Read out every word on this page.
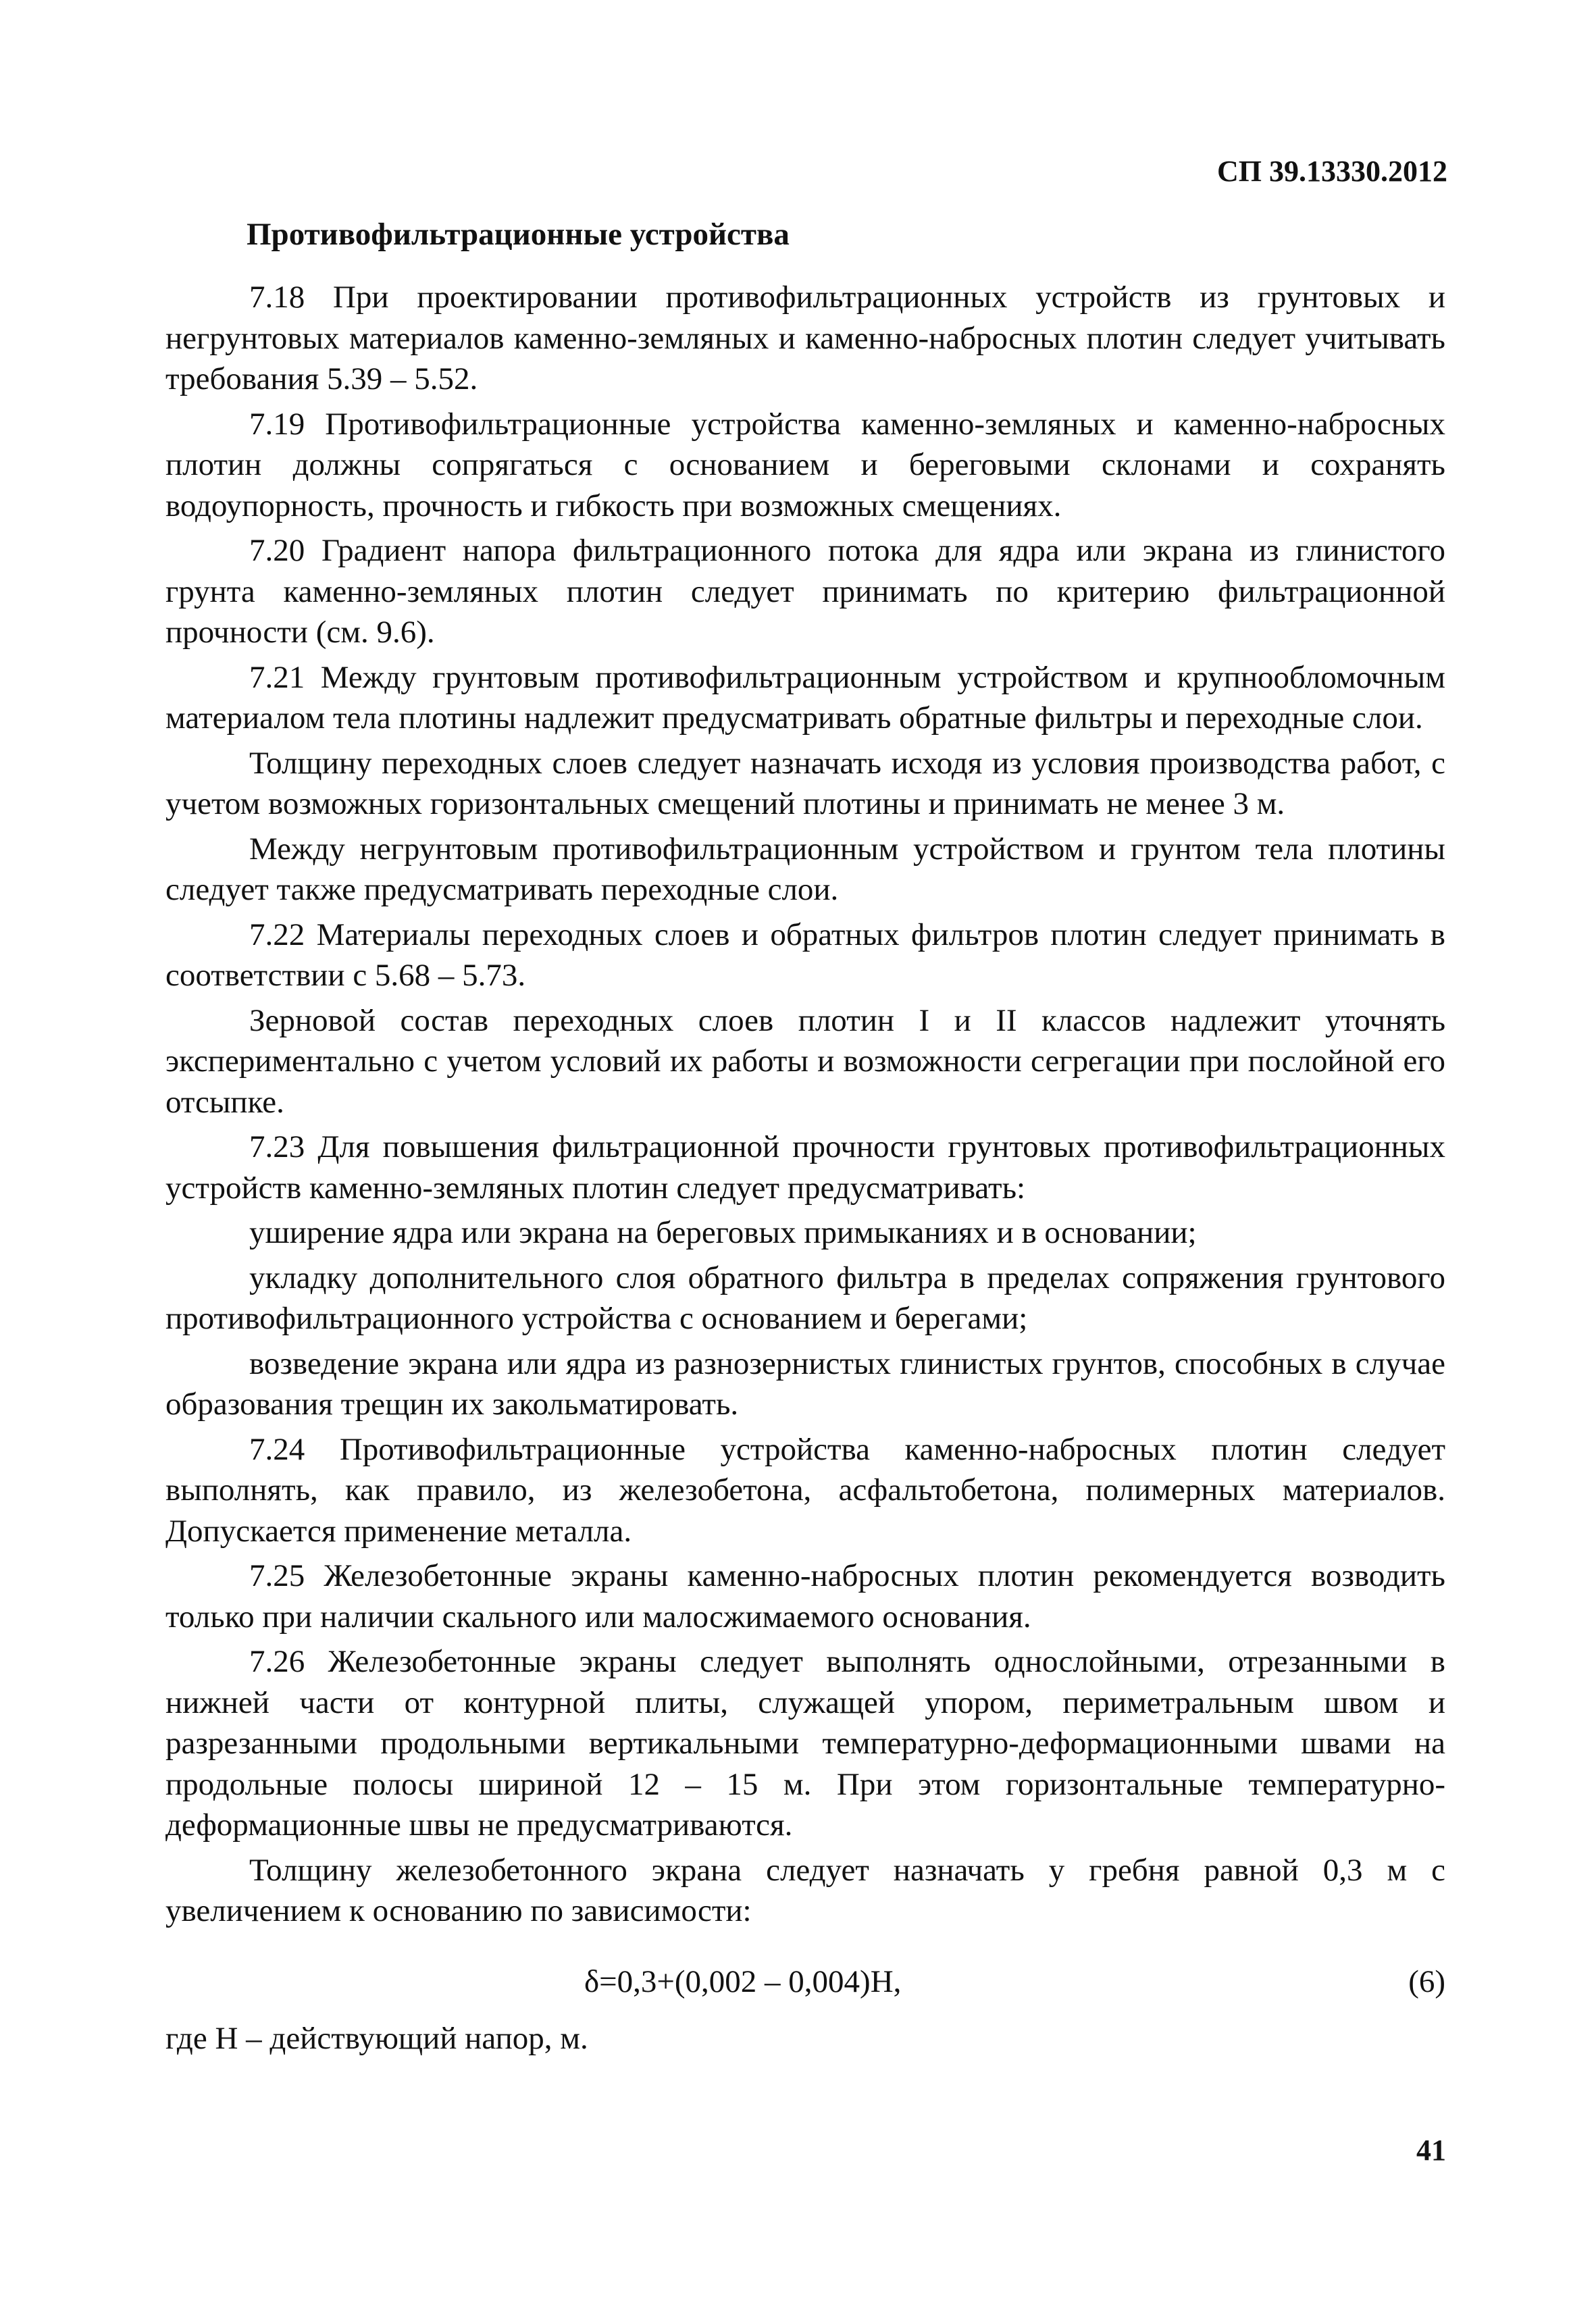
СП 39.13330.2012
Противофильтрационные устройства

7.18 При проектировании противофильтрационных устройств из грунтовых и негрунтовых материалов каменно-земляных и каменно-набросных плотин следует учитывать требования 5.39 – 5.52.

7.19 Противофильтрационные устройства каменно-земляных и каменно-набросных плотин должны сопрягаться с основанием и береговыми склонами и сохранять водоупорность, прочность и гибкость при возможных смещениях.

7.20 Градиент напора фильтрационного потока для ядра или экрана из глинистого грунта каменно-земляных плотин следует принимать по критерию фильтрационной прочности (см. 9.6).

7.21 Между грунтовым противофильтрационным устройством и крупнообломочным материалом тела плотины надлежит предусматривать обратные фильтры и переходные слои.

Толщину переходных слоев следует назначать исходя из условия производства работ, с учетом возможных горизонтальных смещений плотины и принимать не менее 3 м.

Между негрунтовым противофильтрационным устройством и грунтом тела плотины следует также предусматривать переходные слои.

7.22 Материалы переходных слоев и обратных фильтров плотин следует принимать в соответствии с 5.68 – 5.73.

Зерновой состав переходных слоев плотин I и II классов надлежит уточнять экспериментально с учетом условий их работы и возможности сегрегации при послойной его отсыпке.

7.23 Для повышения фильтрационной прочности грунтовых противофильтрационных устройств каменно-земляных плотин следует предусматривать:

уширение ядра или экрана на береговых примыканиях и в основании;

укладку дополнительного слоя обратного фильтра в пределах сопряжения грунтового противофильтрационного устройства с основанием и берегами;

возведение экрана или ядра из разнозернистых глинистых грунтов, способных в случае образования трещин их закольматировать.

7.24 Противофильтрационные устройства каменно-набросных плотин следует выполнять, как правило, из железобетона, асфальтобетона, полимерных материалов. Допускается применение металла.

7.25 Железобетонные экраны каменно-набросных плотин рекомендуется возводить только при наличии скального или малосжимаемого основания.

7.26 Железобетонные экраны следует выполнять однослойными, отрезанными в нижней части от контурной плиты, служащей упором, периметральным швом и разрезанными продольными вертикальными температурно-деформационными швами на продольные полосы шириной 12 – 15 м. При этом горизонтальные температурно-деформационные швы не предусматриваются.

Толщину железобетонного экрана следует назначать у гребня равной 0,3 м с увеличением к основанию по зависимости:

δ=0,3+(0,002 – 0,004)H,	(6)
где H – действующий напор, м.
41
